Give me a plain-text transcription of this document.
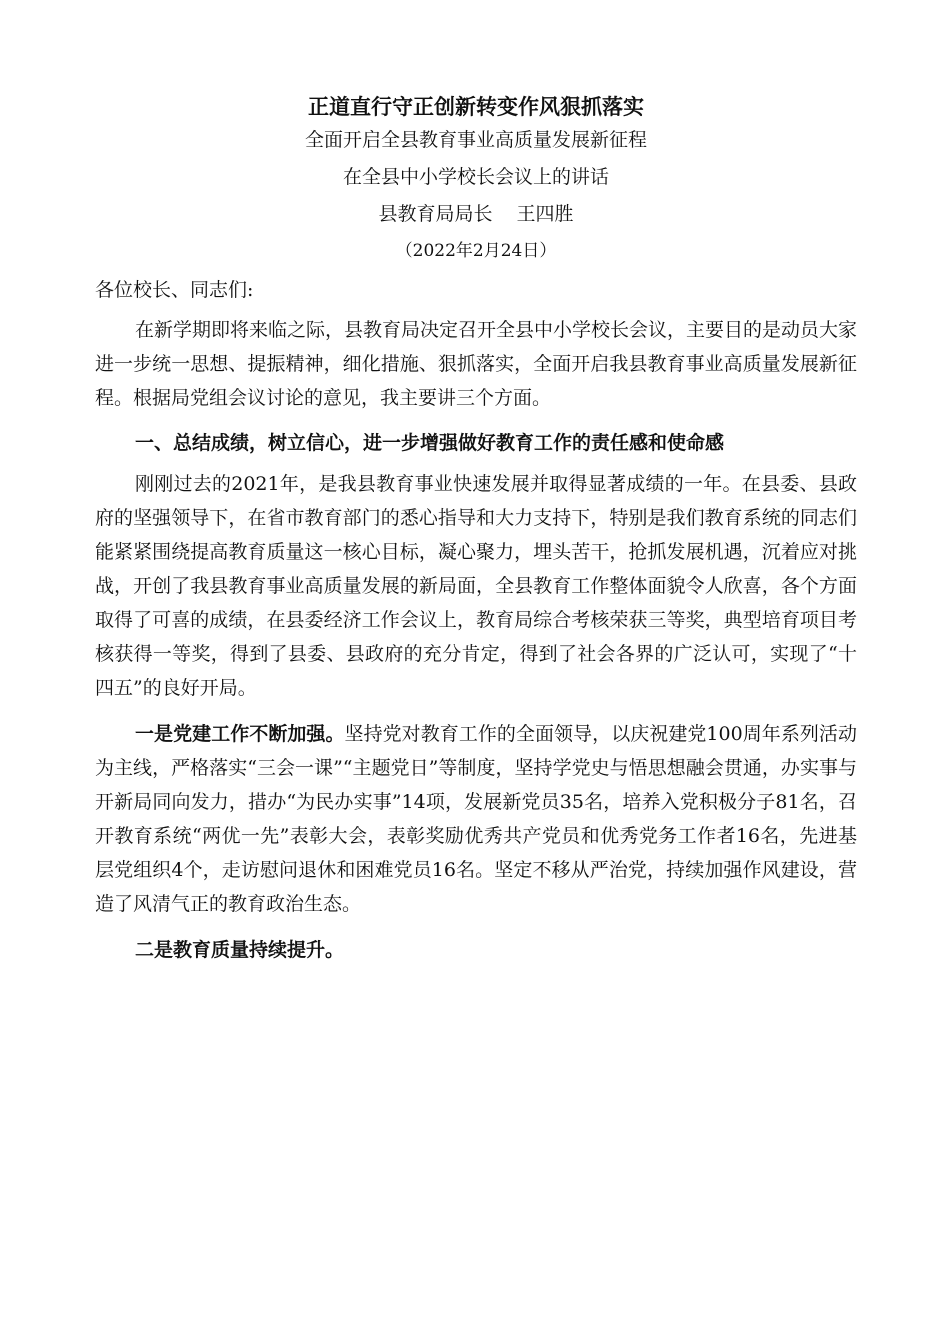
正道直行守正创新转变作风狠抓落实
全面开启全县教育事业高质量发展新征程
在全县中小学校长会议上的讲话
县教育局局长 王四胜
（2022年2月24日）
各位校长、同志们:

在新学期即将来临之际，县教育局决定召开全县中小学校长会议，主要目的是动员大家进一步统一思想、提振精神，细化措施、狠抓落实，全面开启我县教育事业高质量发展新征程。根据局党组会议讨论的意见，我主要讲三个方面。

一、总结成绩，树立信心，进一步增强做好教育工作的责任感和使命感

刚刚过去的2021年，是我县教育事业快速发展并取得显著成绩的一年。在县委、县政府的坚强领导下，在省市教育部门的悉心指导和大力支持下，特别是我们教育系统的同志们能紧紧围绕提高教育质量这一核心目标，凝心聚力，埋头苦干，抢抓发展机遇，沉着应对挑战，开创了我县教育事业高质量发展的新局面，全县教育工作整体面貌令人欣喜，各个方面取得了可喜的成绩，在县委经济工作会议上，教育局综合考核荣获三等奖，典型培育项目考核获得一等奖，得到了县委、县政府的充分肯定，得到了社会各界的广泛认可，实现了“十四五”的良好开局。

一是党建工作不断加强。坚持党对教育工作的全面领导，以庆祝建党100周年系列活动为主线，严格落实“三会一课”“主题党日”等制度，坚持学党史与悟思想融会贯通，办实事与开新局同向发力，措办“为民办实事”14项，发展新党员35名，培养入党积极分子81名，召开教育系统“两优一先”表彰大会，表彰奖励优秀共产党员和优秀党务工作者16名，先进基层党组织4个，走访慰问退休和困难党员16名。坚定不移从严治党，持续加强作风建设，营造了风清气正的教育政治生态。

二是教育质量持续提升。
